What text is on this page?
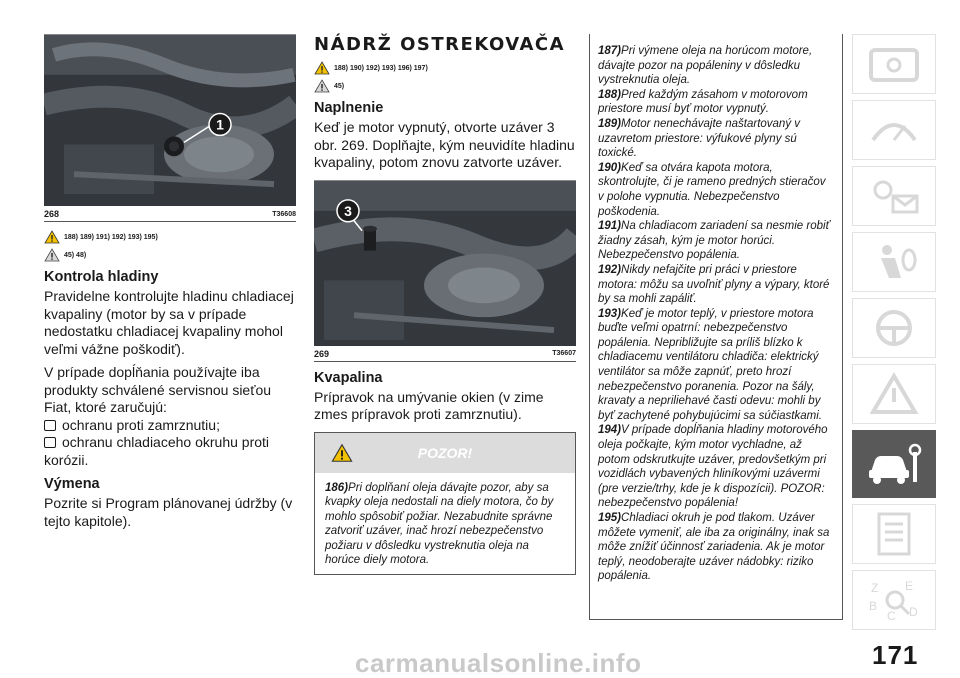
1
268	T36608
188) 189) 191) 192) 193) 195)
45) 48)
Kontrola hladiny

Pravidelne kontrolujte hladinu chladiacej kvapaliny (motor by sa v prípade nedostatku chladiacej kvapaliny mohol veľmi vážne poškodiť).

V prípade dopĺňania používajte iba produkty schválené servisnou sieťou Fiat, ktoré zaručujú:

ochranu proti zamrznutiu;
ochranu chladiaceho okruhu proti

korózii.

Výmena

Pozrite si Program plánovanej údržby (v tejto kapitole).

NÁDRŽ OSTREKOVAČA
188) 190) 192) 193) 196) 197)
45)
Naplnenie

Keď je motor vypnutý, otvorte uzáver 3 obr. 269. Doplňajte, kým neuvidíte hladinu kvapaliny, potom znovu zatvorte uzáver.

3
269	T36607
Kvapalina

Prípravok na umývanie okien (v zime zmes prípravok proti zamrznutiu).

POZOR!
186)Pri doplňaní oleja dávajte pozor, aby sa kvapky oleja nedostali na diely motora, čo by mohlo spôsobiť požiar. Nezabudnite správne zatvoriť uzáver, inač hrozí nebezpečenstvo požiaru v dôsledku vystreknutia oleja na horúce diely motora.

187)Pri výmene oleja na horúcom motore, dávajte pozor na popáleniny v dôsledku vystreknutia oleja.

188)Pred každým zásahom v motorovom priestore musí byť motor vypnutý.

189)Motor nenechávajte naštartovaný v uzavretom priestore: výfukové plyny sú toxické.

190)Keď sa otvára kapota motora, skontrolujte, či je rameno predných stieračov v polohe vypnutia. Nebezpečenstvo poškodenia.

191)Na chladiacom zariadení sa nesmie robiť žiadny zásah, kým je motor horúci. Nebezpečenstvo popálenia.

192)Nikdy nefajčite pri práci v priestore motora: môžu sa uvoľniť plyny a výpary, ktoré by sa mohli zapáliť.

193)Keď je motor teplý, v priestore motora buďte veľmi opatrní: nebezpečenstvo popálenia. Nepribližujte sa príliš blízko k chladiacemu ventilátoru chladiča: elektrický ventilátor sa môže zapnúť, preto hrozí nebezpečenstvo poranenia. Pozor na šály, kravaty a nepriliehavé časti odevu: mohli by byť zachytené pohybujúcimi sa súčiastkami.

194)V prípade dopĺňania hladiny motorového oleja počkajte, kým motor vychladne, až potom odskrutkujte uzáver, predovšetkým pri vozidlách vybavených hliníkovými uzávermi (pre verzie/trhy, kde je k dispozícii). POZOR: nebezpečenstvo popálenia!

195)Chladiaci okruh je pod tlakom. Uzáver môžete vymeniť, ale iba za originálny, inak sa môže znížiť účinnosť zariadenia. Ak je motor teplý, neodoberajte uzáver nádobky: riziko popálenia.

Z E
B
C D
carmanualsonline.info	171
